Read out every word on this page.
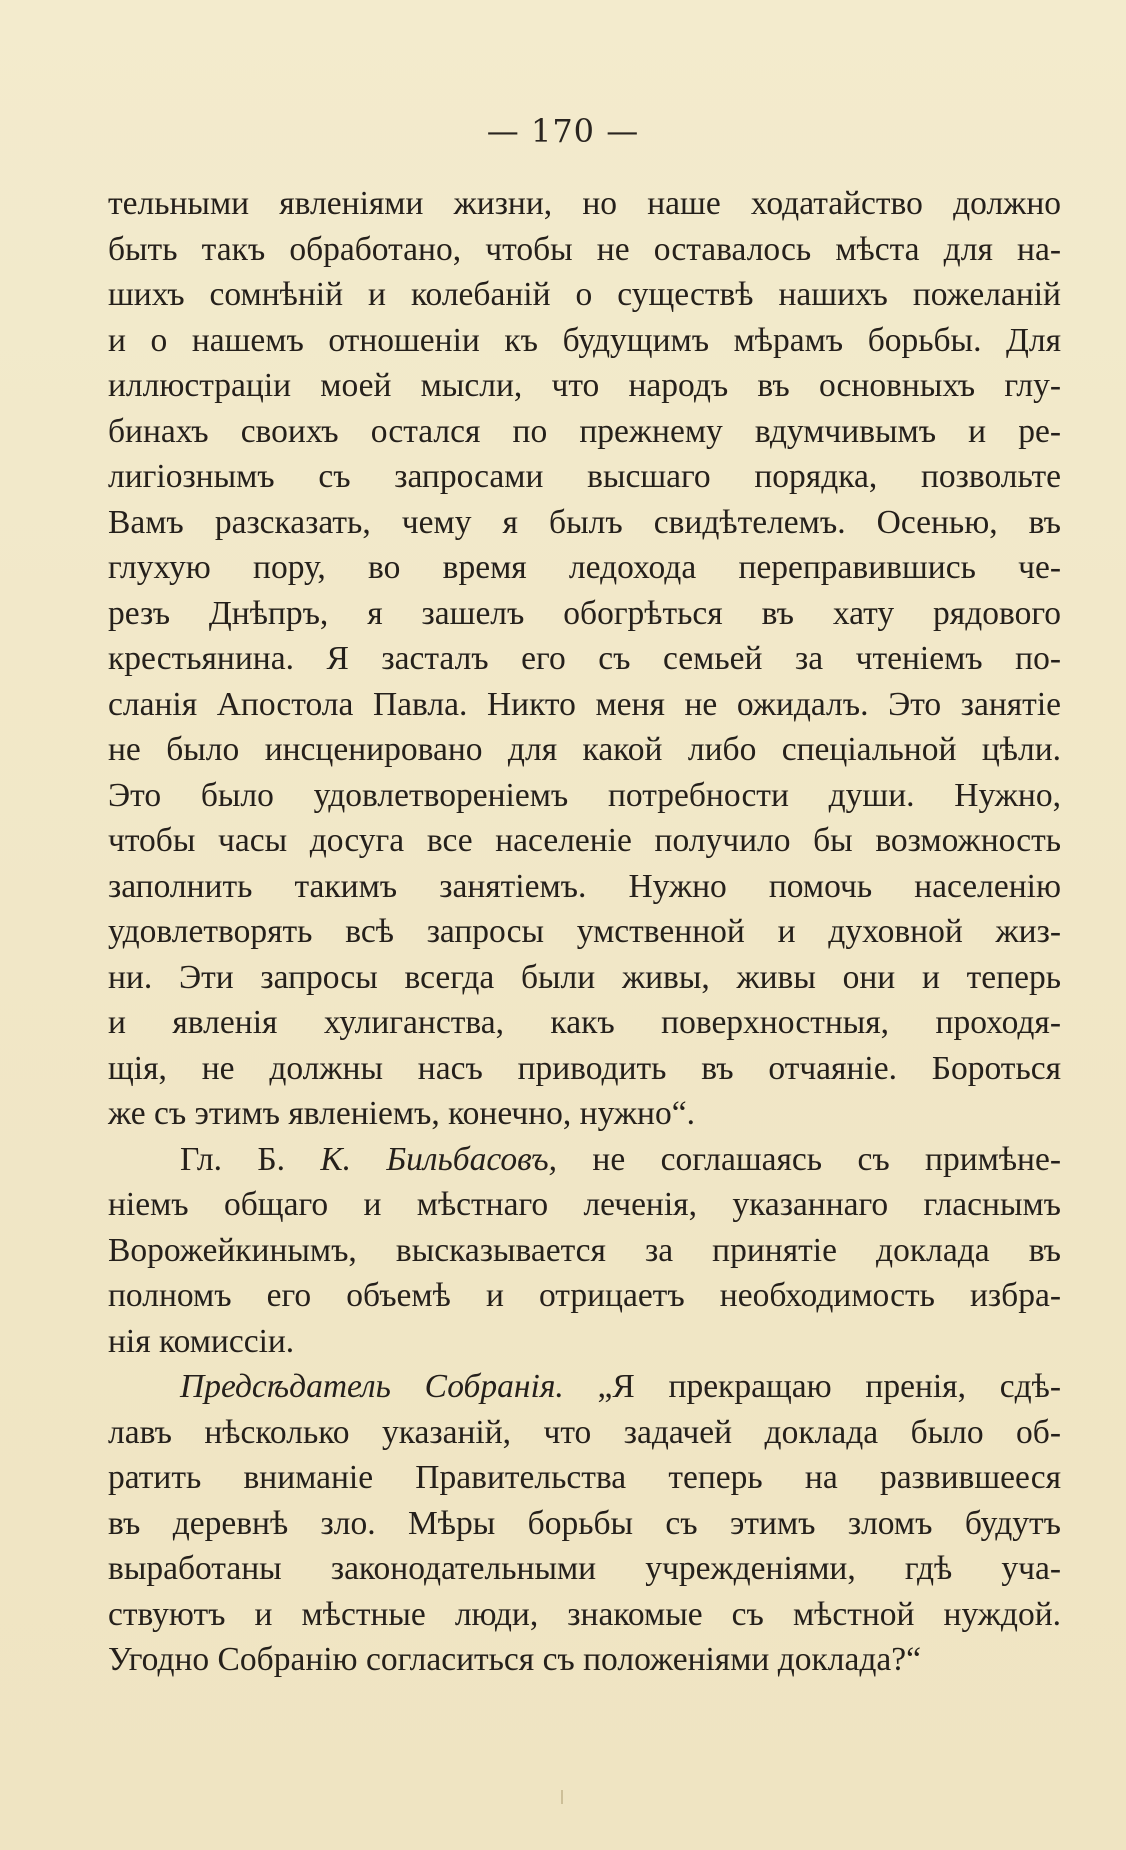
— 170 —
тельными явленіями жизни, но наше ходатайство должно
быть такъ обработано, чтобы не оставалось мѣста для на-
шихъ сомнѣній и колебаній о существѣ нашихъ пожеланій
и о нашемъ отношеніи къ будущимъ мѣрамъ борьбы. Для
иллюстраціи моей мысли, что народъ въ основныхъ глу-
бинахъ своихъ остался по прежнему вдумчивымъ и ре-
лигіознымъ съ запросами высшаго порядка, позвольте
Вамъ разсказать, чему я былъ свидѣтелемъ. Осенью, въ
глухую пору, во время ледохода переправившись че-
резъ Днѣпръ, я зашелъ обогрѣться въ хату рядового
крестьянина. Я засталъ его съ семьей за чтеніемъ по-
сланія Апостола Павла. Никто меня не ожидалъ. Это занятіе
не было инсценировано для какой либо спеціальной цѣли.
Это было удовлетвореніемъ потребности души. Нужно,
чтобы часы досуга все населеніе получило бы возможность
заполнить такимъ занятіемъ. Нужно помочь населенію
удовлетворять всѣ запросы умственной и духовной жиз-
ни. Эти запросы всегда были живы, живы они и теперь
и явленія хулиганства, какъ поверхностныя, проходя-
щія, не должны насъ приводить въ отчаяніе. Бороться
же съ этимъ явленіемъ, конечно, нужно“.
Гл. Б. К. Бильбасовъ, не соглашаясь съ примѣне-
ніемъ общаго и мѣстнаго леченія, указаннаго гласнымъ
Ворожейкинымъ, высказывается за принятіе доклада въ
полномъ его объемѣ и отрицаетъ необходимость избра-
нія комиссіи.
Предсѣдатель Собранія. „Я прекращаю пренія, сдѣ-
лавъ нѣсколько указаній, что задачей доклада было об-
ратить вниманіе Правительства теперь на развившееся
въ деревнѣ зло. Мѣры борьбы съ этимъ зломъ будутъ
выработаны законодательными учрежденіями, гдѣ уча-
ствуютъ и мѣстные люди, знакомые съ мѣстной нуждой.
Угодно Собранію согласиться съ положеніями доклада?“
